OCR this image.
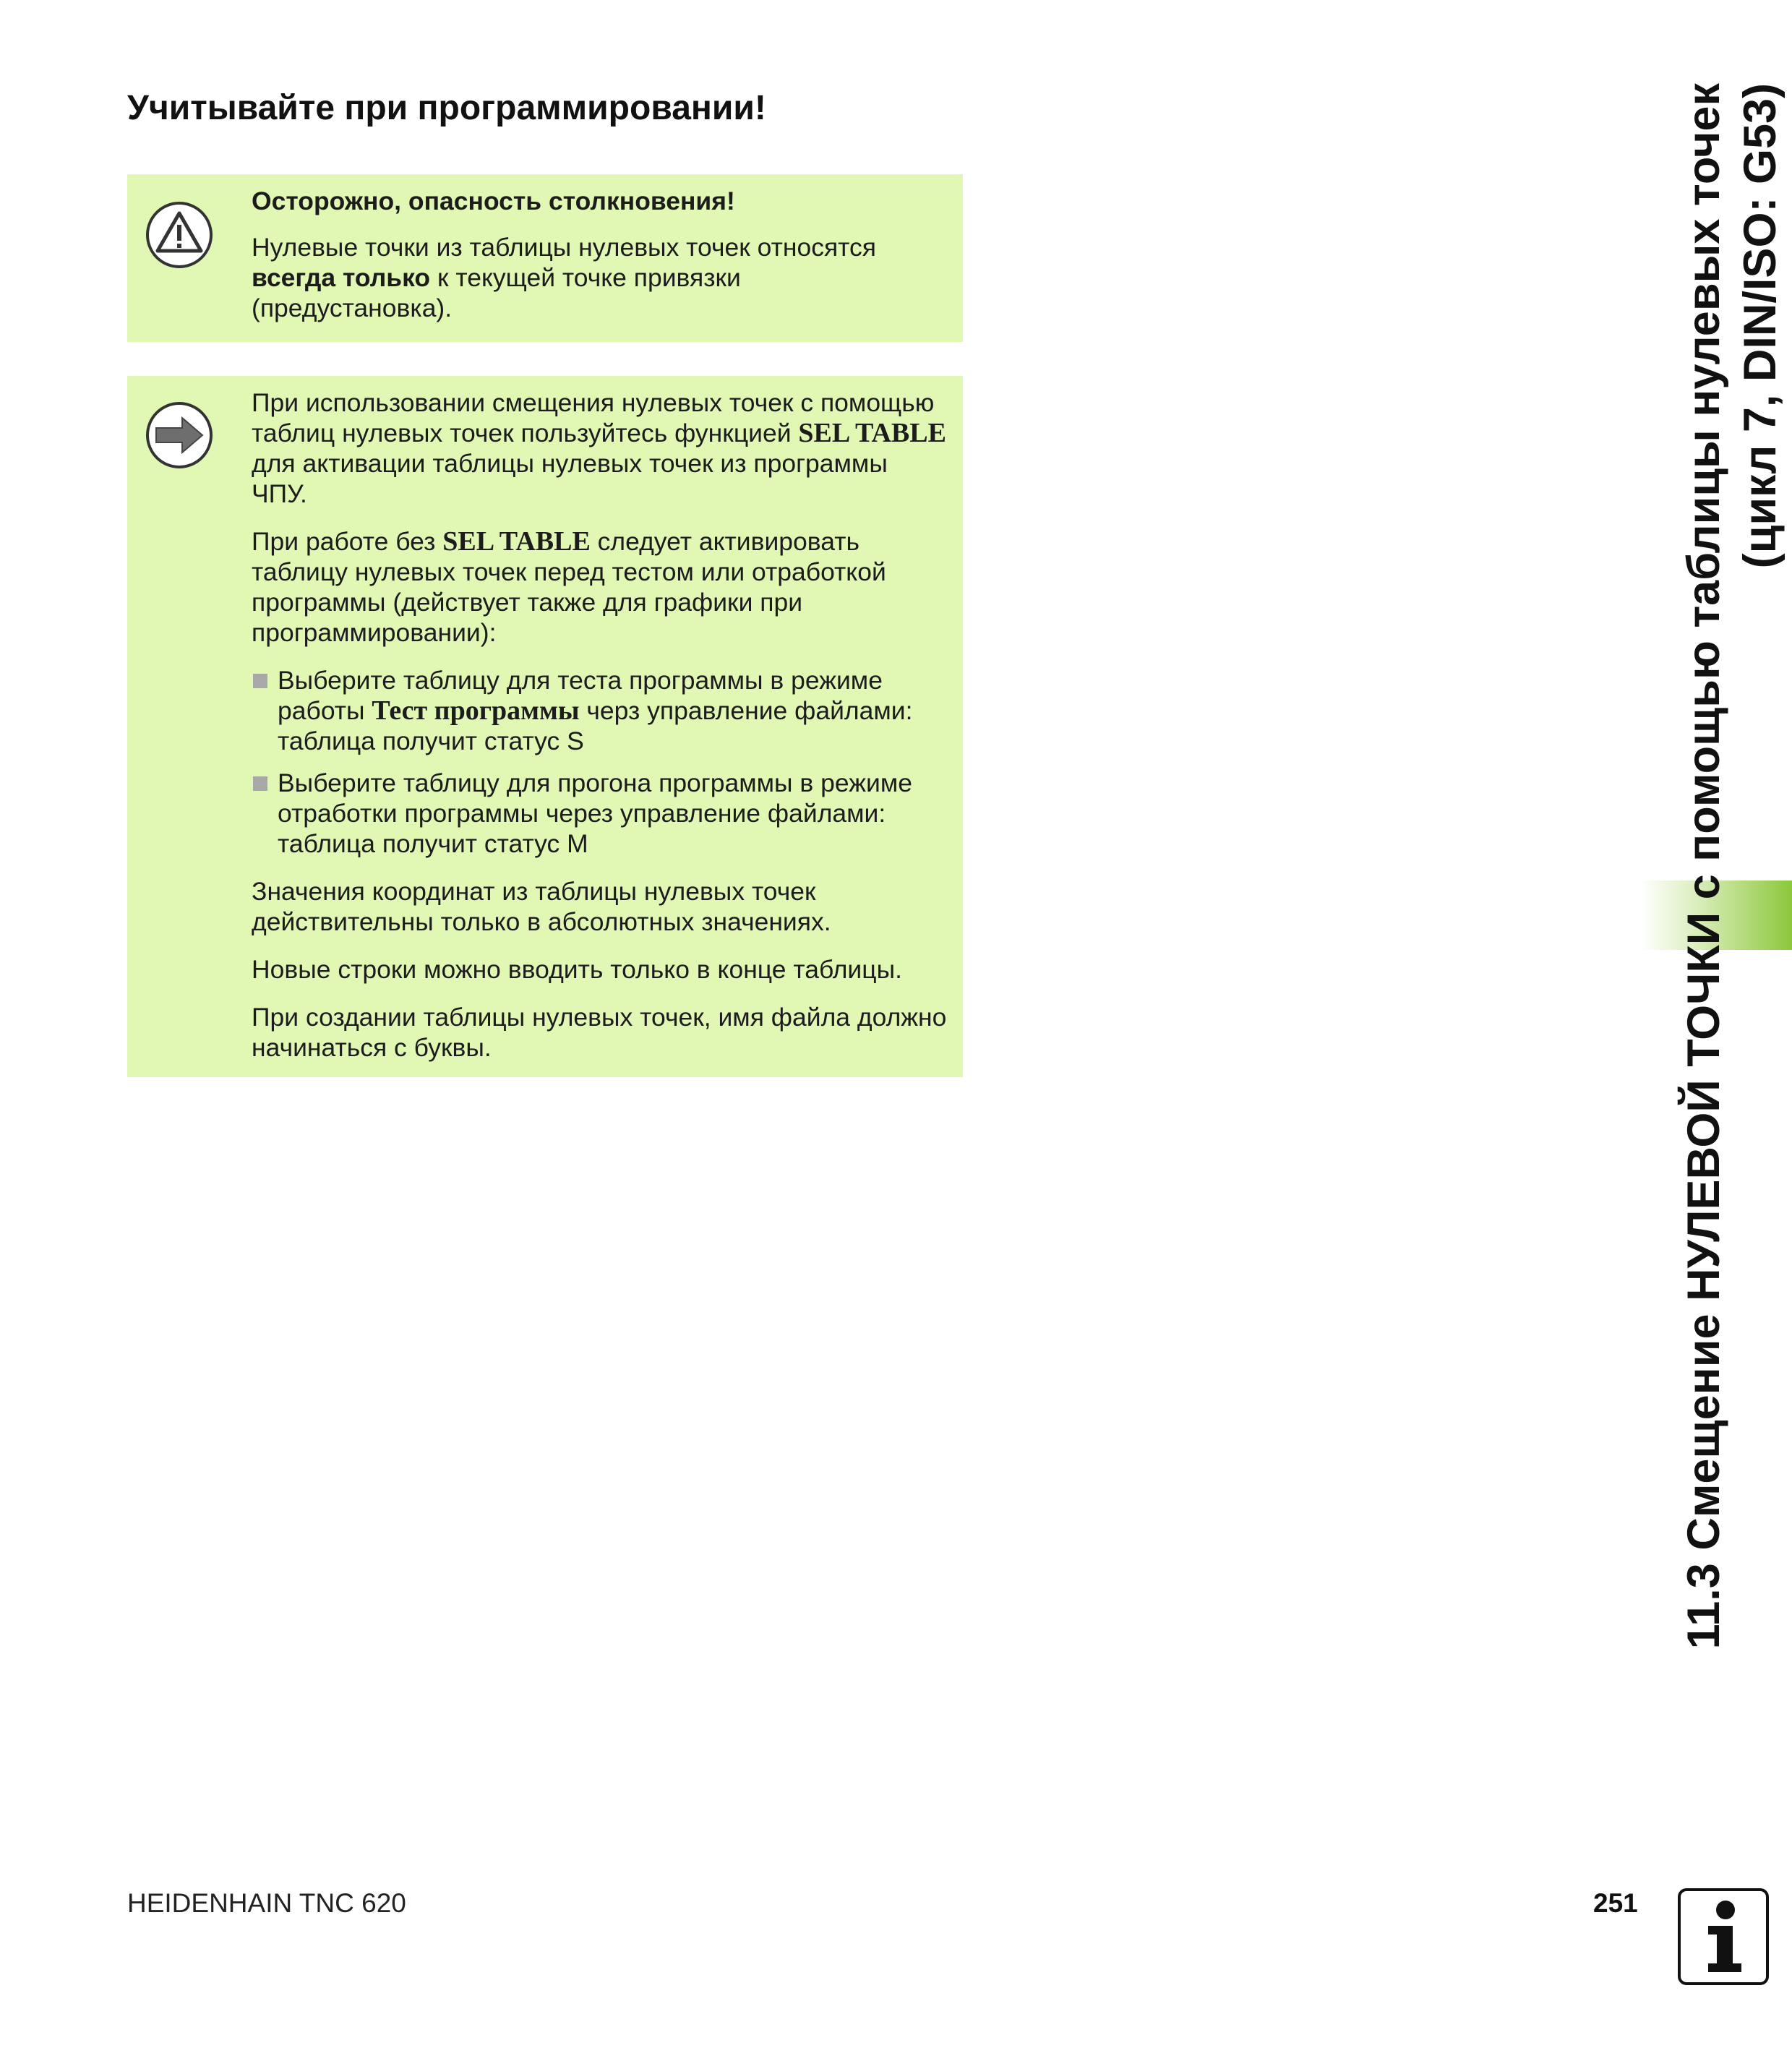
Учитывайте при программировании!

Осторожно, опасность столкновения!

Нулевые точки из таблицы нулевых точек относятся всегда только к текущей точке привязки (предустановка).

При использовании смещения нулевых точек с помощью таблиц нулевых точек пользуйтесь функцией SEL TABLE для активации таблицы нулевых точек из программы ЧПУ.

При работе без SEL TABLE следует активировать таблицу нулевых точек перед тестом или отработкой программы (действует также для графики при программировании):

Выберите таблицу для теста программы в режиме работы Тест программы черз управление файлами: таблица получит статус S
Выберите таблицу для прогона программы в режиме отработки программы через управление файлами: таблица получит статус M

Значения координат из таблицы нулевых точек действительны только в абсолютных значениях.

Новые строки можно вводить только в конце таблицы.

При создании таблицы нулевых точек, имя файла должно начинаться с буквы.	11.3 Смещение НУЛЕВОЙ ТОЧКИ с помощью таблицы нулевых точек (цикл 7, DIN/ISO: G53)
HEIDENHAIN TNC 620	251
